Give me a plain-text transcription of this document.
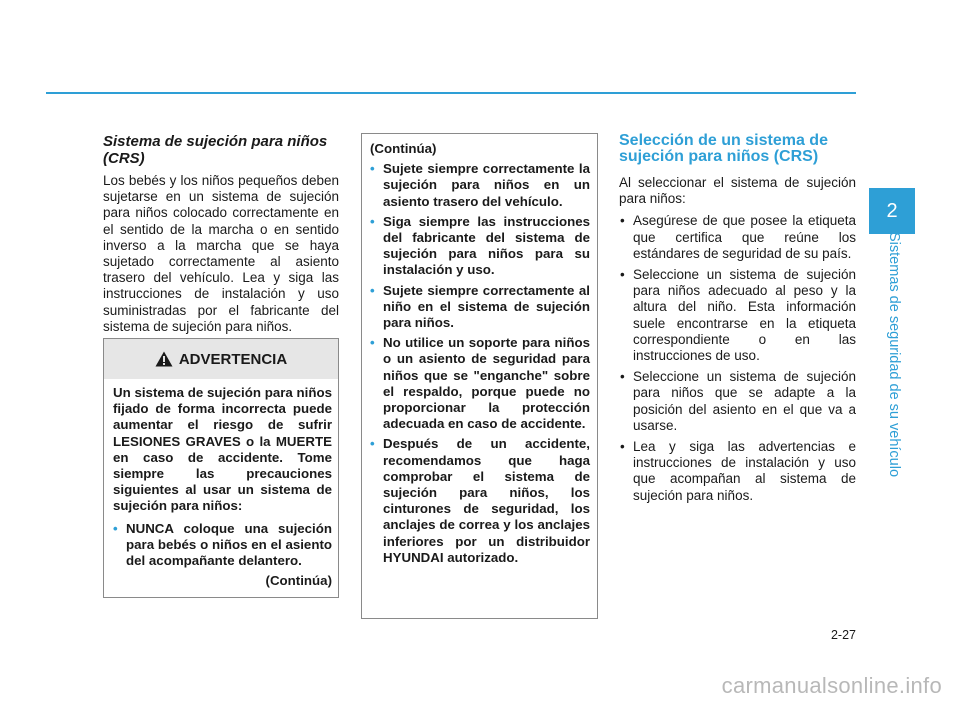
Sistema de sujeción para niños (CRS)

Los bebés y los niños pequeños deben sujetarse en un sistema de sujeción para niños colocado correctamente en el sentido de la marcha o en sentido inverso a la marcha que se haya sujetado correctamente al asiento trasero del vehículo. Lea y siga las instrucciones de instalación y uso suministradas por el fabricante del sistema de sujeción para niños.

ADVERTENCIA

Un sistema de sujeción para niños fijado de forma incorrecta puede aumentar el riesgo de sufrir LESIONES GRAVES o la MUERTE en caso de accidente. Tome siempre las precauciones siguientes al usar un sistema de sujeción para niños:

• NUNCA coloque una sujeción para bebés o niños en el asiento del acompañante delantero.
(Continúa)

(Continúa)

• Sujete siempre correctamente la sujeción para niños en un asiento trasero del vehículo.
• Siga siempre las instrucciones del fabricante del sistema de sujeción para niños para su instalación y uso.
• Sujete siempre correctamente al niño en el sistema de sujeción para niños.
• No utilice un soporte para niños o un asiento de seguridad para niños que se "enganche" sobre el respaldo, porque puede no proporcionar la protección adecuada en caso de accidente.
• Después de un accidente, recomendamos que haga comprobar el sistema de sujeción para niños, los cinturones de seguridad, los anclajes de correa y los anclajes inferiores por un distribuidor HYUNDAI autorizado.

Selección de un sistema de sujeción para niños (CRS)

Al seleccionar el sistema de sujeción para niños:

• Asegúrese de que posee la etiqueta que certifica que reúne los estándares de seguridad de su país.
• Seleccione un sistema de sujeción para niños adecuado al peso y la altura del niño. Esta información suele encontrarse en la etiqueta correspondiente o en las instrucciones de uso.
• Seleccione un sistema de sujeción para niños que se adapte a la posición del asiento en el que va a usarse.
• Lea y siga las advertencias e instrucciones de instalación y uso que acompañan al sistema de sujeción para niños.
2
Sistemas de seguridad de su vehículo
2-27
carmanualsonline.info
